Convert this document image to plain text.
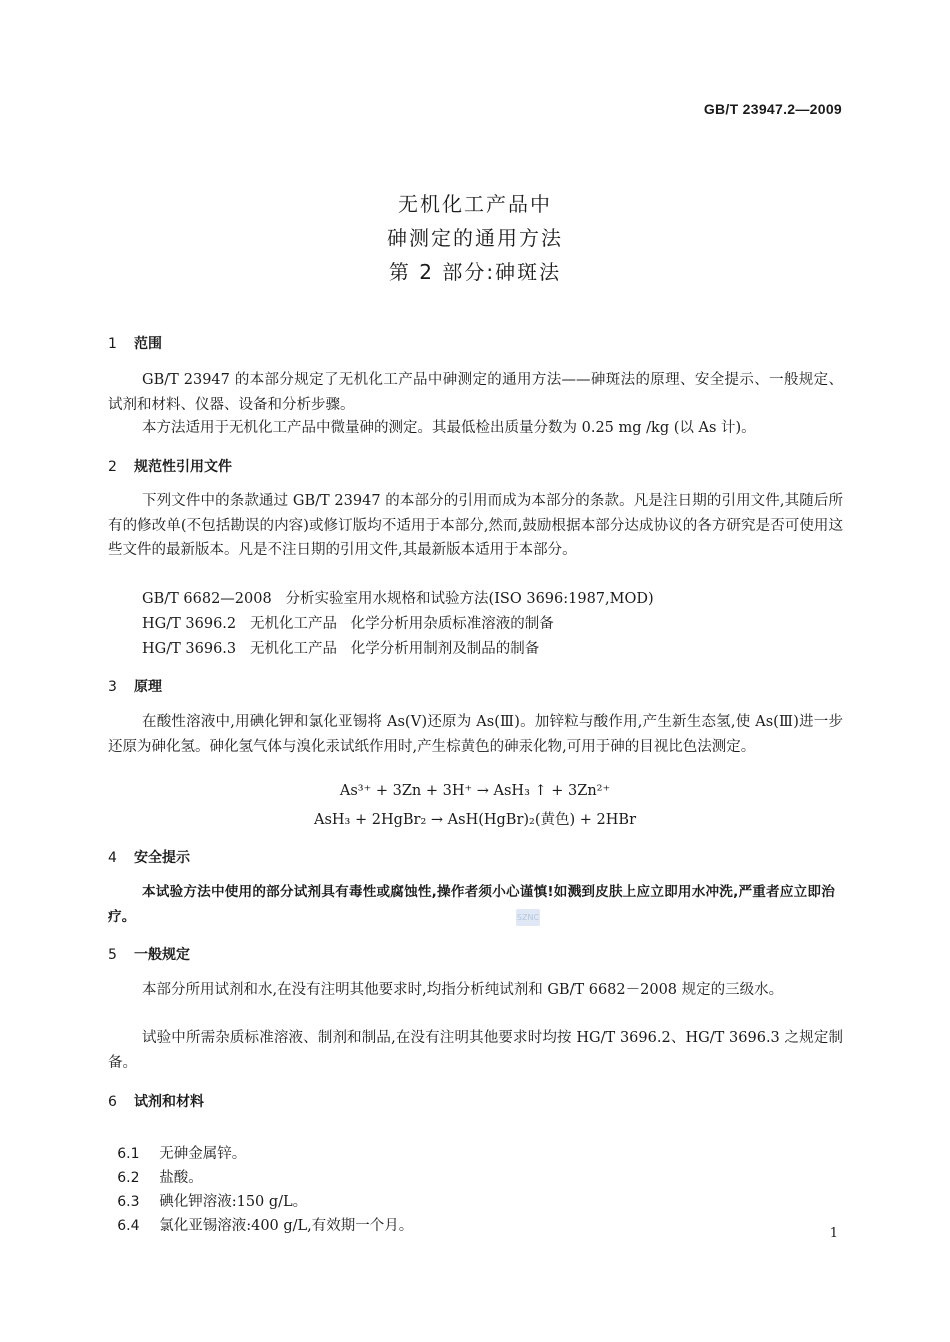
GB/T 23947.2—2009
无机化工产品中
砷测定的通用方法
第 2 部分:砷斑法
1 范围
GB/T 23947 的本部分规定了无机化工产品中砷测定的通用方法——砷斑法的原理、安全提示、一般规定、试剂和材料、仪器、设备和分析步骤。
本方法适用于无机化工产品中微量砷的测定。其最低检出质量分数为 0.25 mg /kg (以 As 计)。
2 规范性引用文件
下列文件中的条款通过 GB/T 23947 的本部分的引用而成为本部分的条款。凡是注日期的引用文件,其随后所有的修改单(不包括勘误的内容)或修订版均不适用于本部分,然而,鼓励根据本部分达成协议的各方研究是否可使用这些文件的最新版本。凡是不注日期的引用文件,其最新版本适用于本部分。
GB/T 6682—2008   分析实验室用水规格和试验方法(ISO 3696:1987,MOD)
HG/T 3696.2   无机化工产品   化学分析用杂质标准溶液的制备
HG/T 3696.3   无机化工产品   化学分析用制剂及制品的制备
3 原理
在酸性溶液中,用碘化钾和氯化亚锡将 As(Ⅴ)还原为 As(Ⅲ)。加锌粒与酸作用,产生新生态氢,使 As(Ⅲ)进一步还原为砷化氢。砷化氢气体与溴化汞试纸作用时,产生棕黄色的砷汞化物,可用于砷的目视比色法测定。
As³⁺ + 3Zn + 3H⁺ → AsH₃ ↑ + 3Zn²⁺
AsH₃ + 2HgBr₂ → AsH(HgBr)₂(黄色) + 2HBr
4 安全提示
本试验方法中使用的部分试剂具有毒性或腐蚀性,操作者须小心谨慎!如溅到皮肤上应立即用水冲洗,严重者应立即治疗。	SZNC
5 一般规定
本部分所用试剂和水,在没有注明其他要求时,均指分析纯试剂和 GB/T 6682－2008 规定的三级水。
试验中所需杂质标准溶液、制剂和制品,在没有注明其他要求时均按 HG/T 3696.2、HG/T 3696.3 之规定制备。
6 试剂和材料

6.1 无砷金属锌。

6.2 盐酸。

6.3 碘化钾溶液:150 g/L。

6.4 氯化亚锡溶液:400 g/L,有效期一个月。	1
